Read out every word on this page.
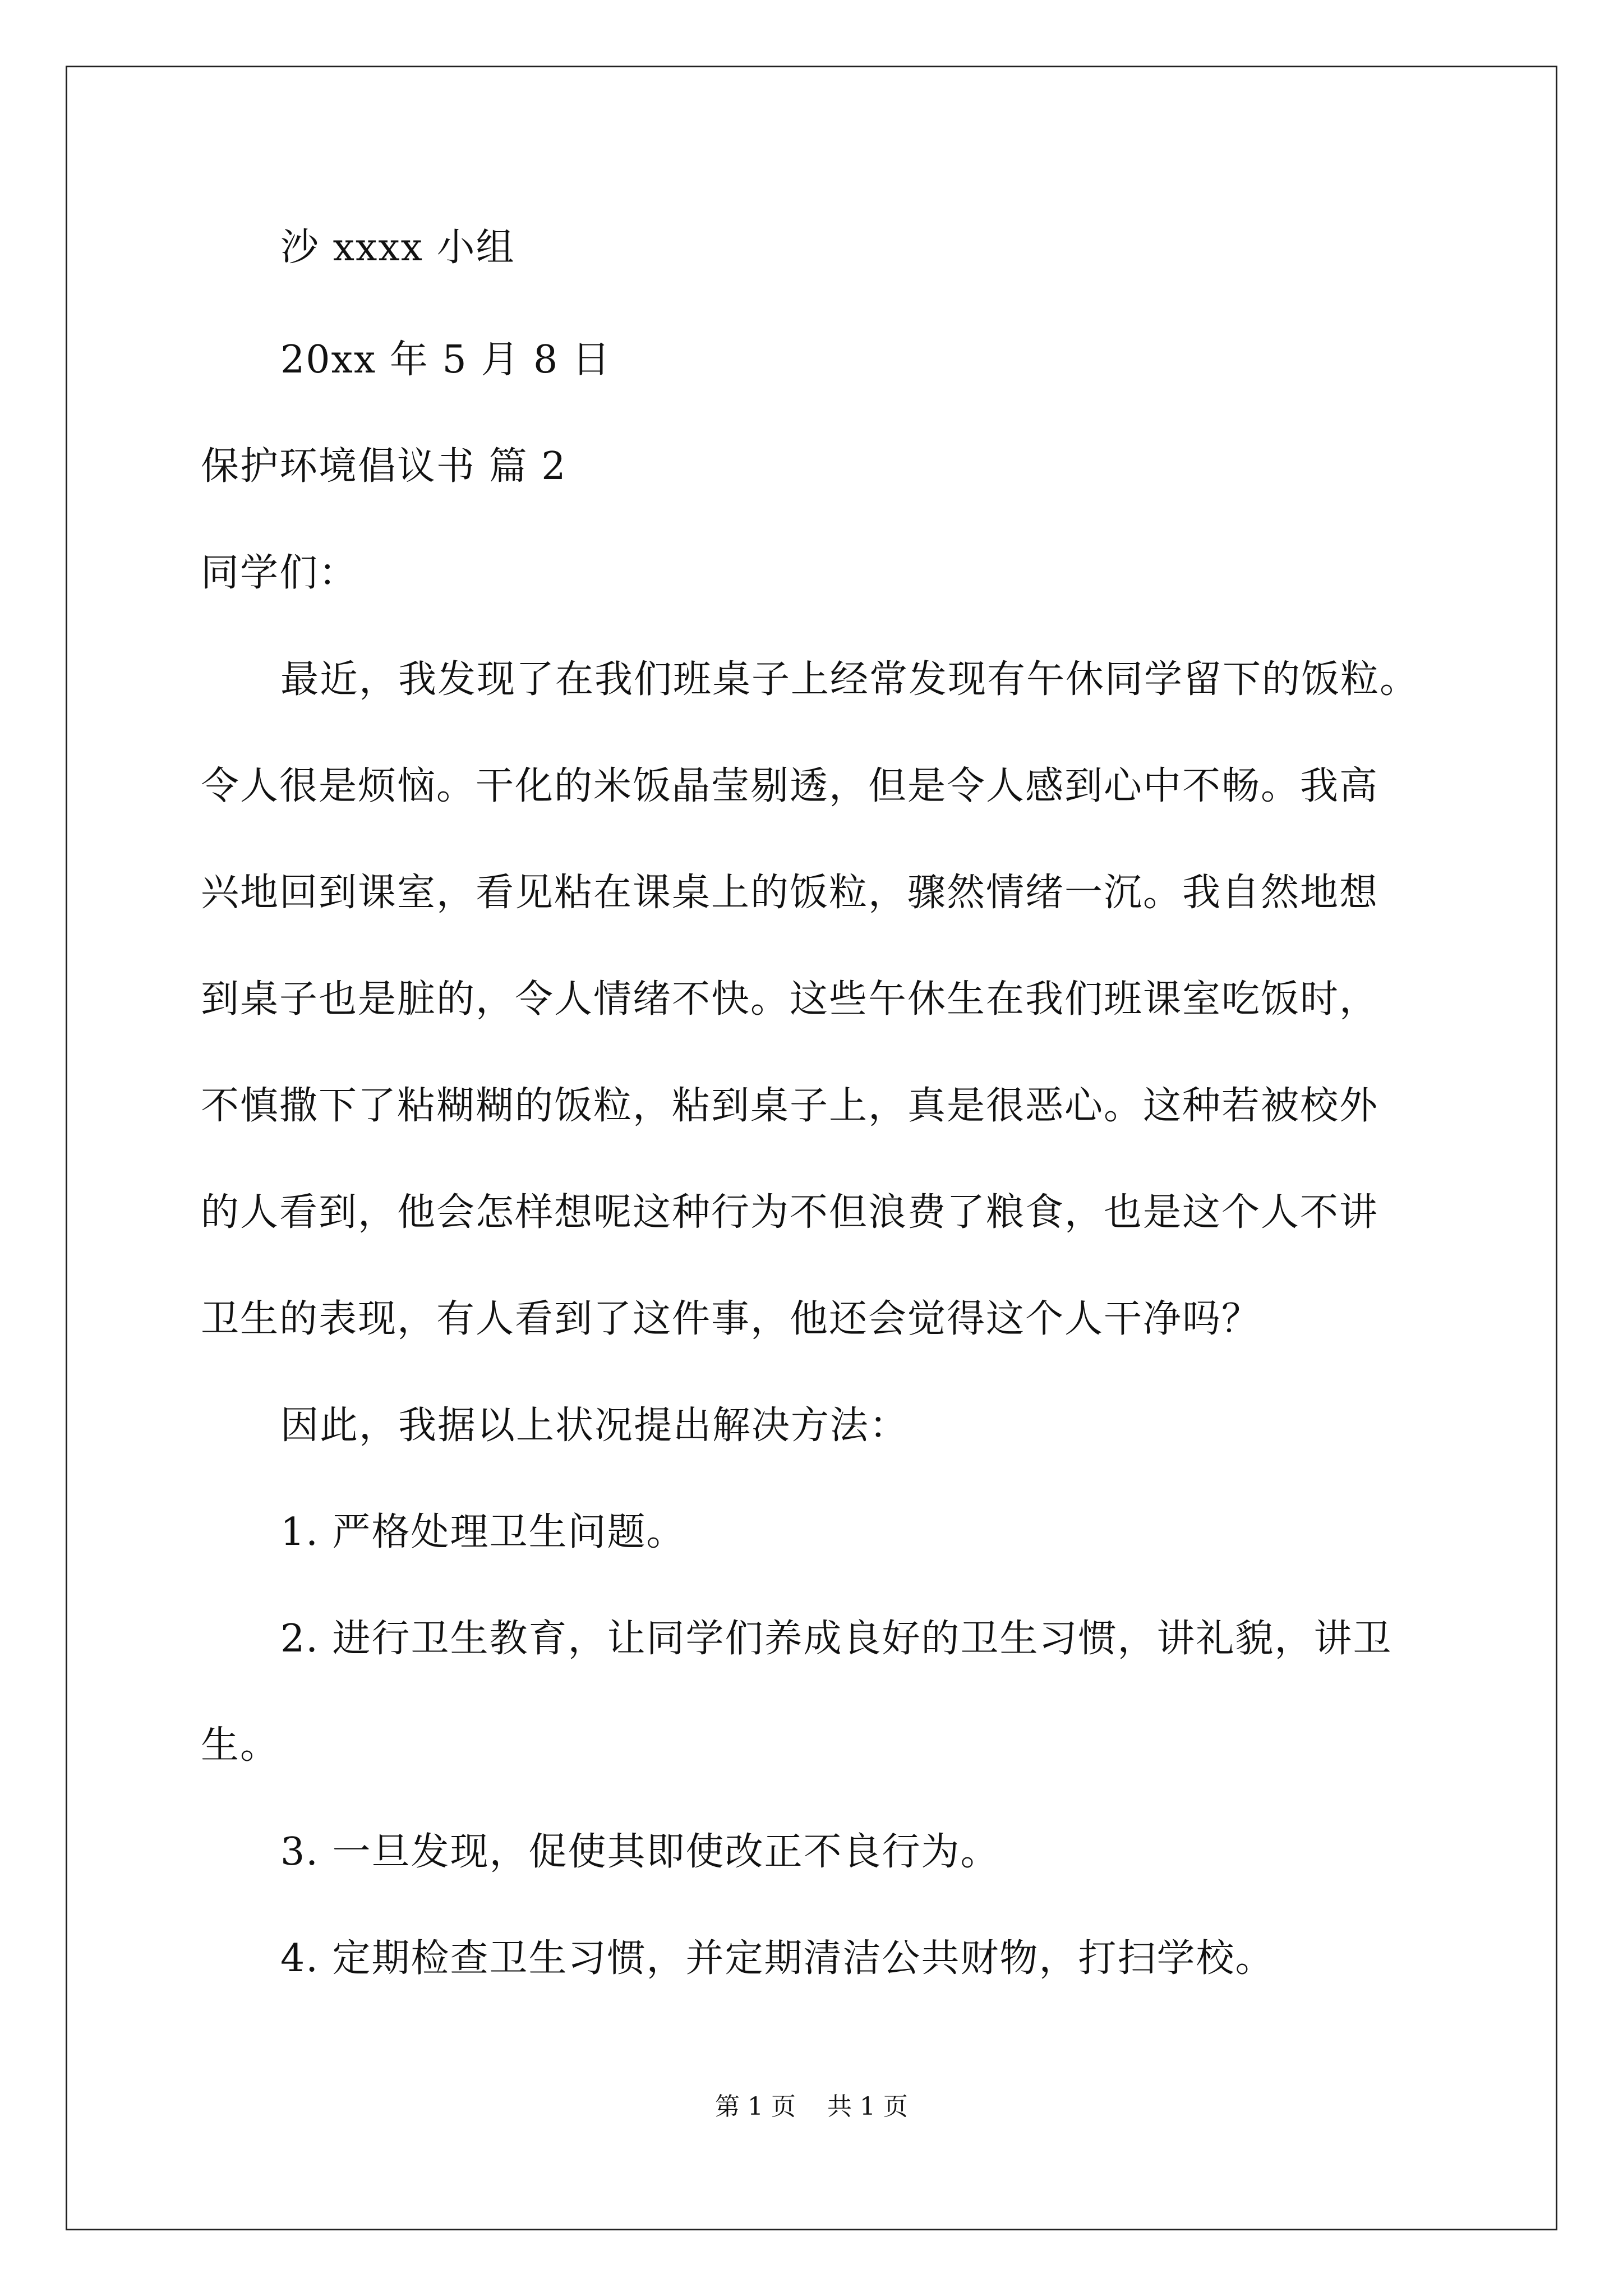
沙 xxxx 小组
20xx 年 5 月 8 日
保护环境倡议书 篇 2
同学们：
最近，我发现了在我们班桌子上经常发现有午休同学留下的饭粒。
令人很是烦恼。干化的米饭晶莹剔透，但是令人感到心中不畅。我高
兴地回到课室，看见粘在课桌上的饭粒，骤然情绪一沉。我自然地想
到桌子也是脏的，令人情绪不快。这些午休生在我们班课室吃饭时，
不慎撒下了粘糊糊的饭粒，粘到桌子上，真是很恶心。这种若被校外
的人看到，他会怎样想呢这种行为不但浪费了粮食，也是这个人不讲
卫生的表现，有人看到了这件事，他还会觉得这个人干净吗？
因此，我据以上状况提出解决方法：
1. 严格处理卫生问题。
2. 进行卫生教育，让同学们养成良好的卫生习惯，讲礼貌，讲卫
生。
3. 一旦发现，促使其即使改正不良行为。
4. 定期检查卫生习惯，并定期清洁公共财物，打扫学校。
第 1 页    共 1 页
